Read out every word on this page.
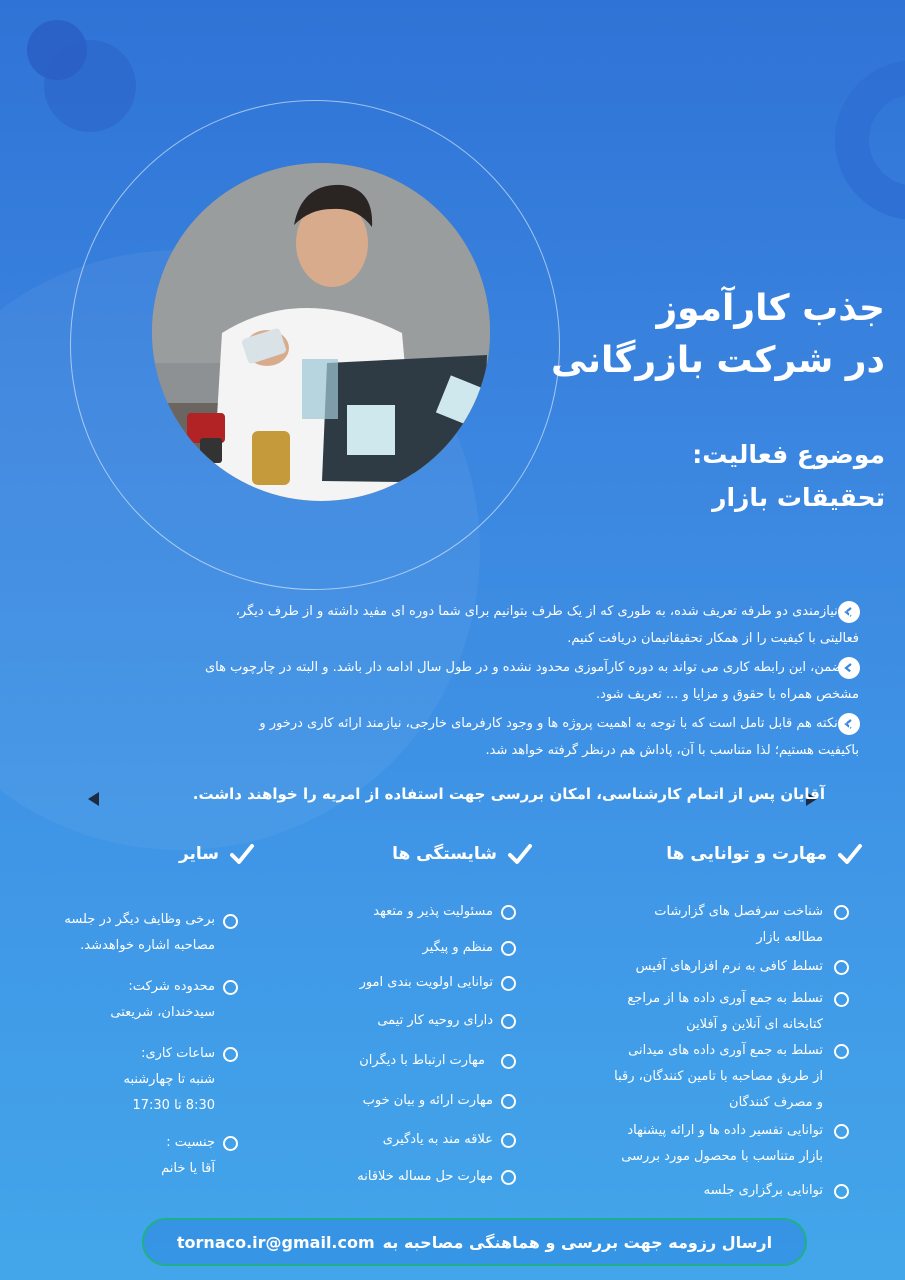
جذب کارآموز
در شرکت بازرگانی
موضوع فعالیت:
تحقیقات بازار
این نیازمندی دو طرفه تعریف شده، به طوری که از یک طرف بتوانیم برای شما دوره ای مفید داشته و از طرف دیگر،
فعالیتی با کیفیت را از همکار تحقیقاتیمان دریافت کنیم.
در ضمن، این رابطه کاری می تواند به دوره کارآموزی محدود نشده و در طول سال ادامه دار باشد. و البته در چارچوب های
مشخص همراه با حقوق و مزایا و ... تعریف شود.
این نکته هم قابل تامل است که با توجه به اهمیت پروژه ها و وجود کارفرمای خارجی، نیازمند ارائه کاری درخور و
باکیفیت هستیم؛ لذا متناسب با آن، پاداش هم درنظر گرفته خواهد شد.
آقایان پس از اتمام کارشناسی، امکان بررسی جهت استفاده از امریه را خواهند داشت.
مهارت و توانایی ها
شناخت سرفصل های گزارشات
مطالعه بازار
تسلط کافی به نرم افزارهای آفیس
تسلط به جمع آوری داده ها از مراجع
کتابخانه ای آنلاین و آفلاین
تسلط به جمع آوری داده های میدانی
از طریق مصاحبه با تامین کنندگان، رقبا
و مصرف کنندگان
توانایی تفسیر داده ها و ارائه پیشنهاد
بازار متناسب با محصول مورد بررسی
توانایی برگزاری جلسه
شایستگی ها
مسئولیت پذیر و متعهد
منظم و پیگیر
توانایی اولویت بندی امور
دارای روحیه کار تیمی
مهارت ارتباط با دیگران
مهارت ارائه و بیان خوب
علاقه مند به یادگیری
مهارت حل مساله خلاقانه
سایر
برخی وظایف دیگر در جلسه
مصاحبه اشاره خواهدشد.
محدوده شرکت:
سیدخندان، شریعتی
ساعات کاری:
شنبه تا چهارشنبه
8:30 تا 17:30
جنسیت :
آقا یا خانم
ارسال رزومه جهت بررسی و هماهنگی مصاحبه به
tornaco.ir@gmail.com
